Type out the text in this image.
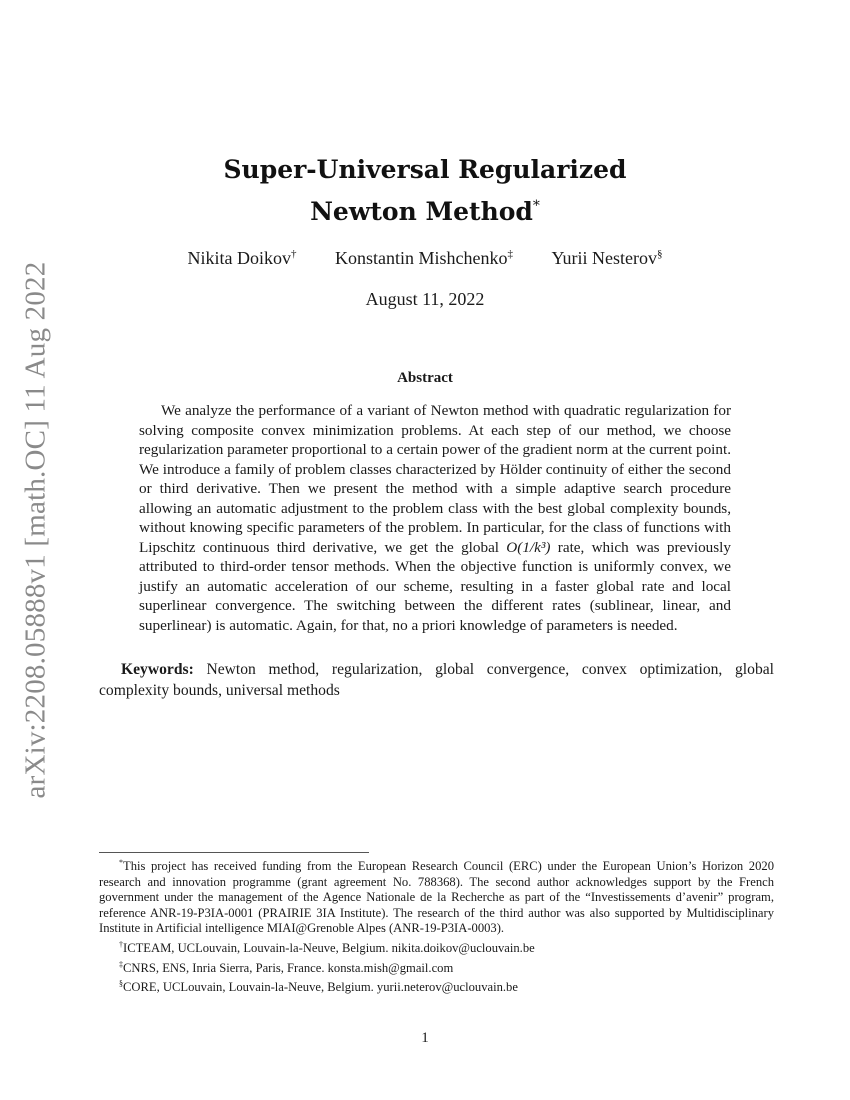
arXiv:2208.05888v1 [math.OC] 11 Aug 2022
Super-Universal Regularized
Newton Method*
Nikita Doikov† Konstantin Mishchenko‡ Yurii Nesterov§
August 11, 2022
Abstract
We analyze the performance of a variant of Newton method with quadratic regularization for solving composite convex minimization problems. At each step of our method, we choose regularization parameter proportional to a certain power of the gradient norm at the current point. We introduce a family of problem classes characterized by Hölder continuity of either the second or third derivative. Then we present the method with a simple adaptive search procedure allowing an automatic adjustment to the problem class with the best global complexity bounds, without knowing specific parameters of the problem. In particular, for the class of functions with Lipschitz continuous third derivative, we get the global O(1/k³) rate, which was previously attributed to third-order tensor methods. When the objective function is uniformly convex, we justify an automatic acceleration of our scheme, resulting in a faster global rate and local superlinear convergence. The switching between the different rates (sublinear, linear, and superlinear) is automatic. Again, for that, no a priori knowledge of parameters is needed.
Keywords: Newton method, regularization, global convergence, convex optimization, global complexity bounds, universal methods
*This project has received funding from the European Research Council (ERC) under the European Union’s Horizon 2020 research and innovation programme (grant agreement No. 788368). The second author acknowledges support by the French government under the management of the Agence Nationale de la Recherche as part of the “Investissements d’avenir” program, reference ANR-19-P3IA-0001 (PRAIRIE 3IA Institute). The research of the third author was also supported by Multidisciplinary Institute in Artificial intelligence MIAI@Grenoble Alpes (ANR-19-P3IA-0003).
†ICTEAM, UCLouvain, Louvain-la-Neuve, Belgium. nikita.doikov@uclouvain.be
‡CNRS, ENS, Inria Sierra, Paris, France. konsta.mish@gmail.com
§CORE, UCLouvain, Louvain-la-Neuve, Belgium. yurii.neterov@uclouvain.be
1
